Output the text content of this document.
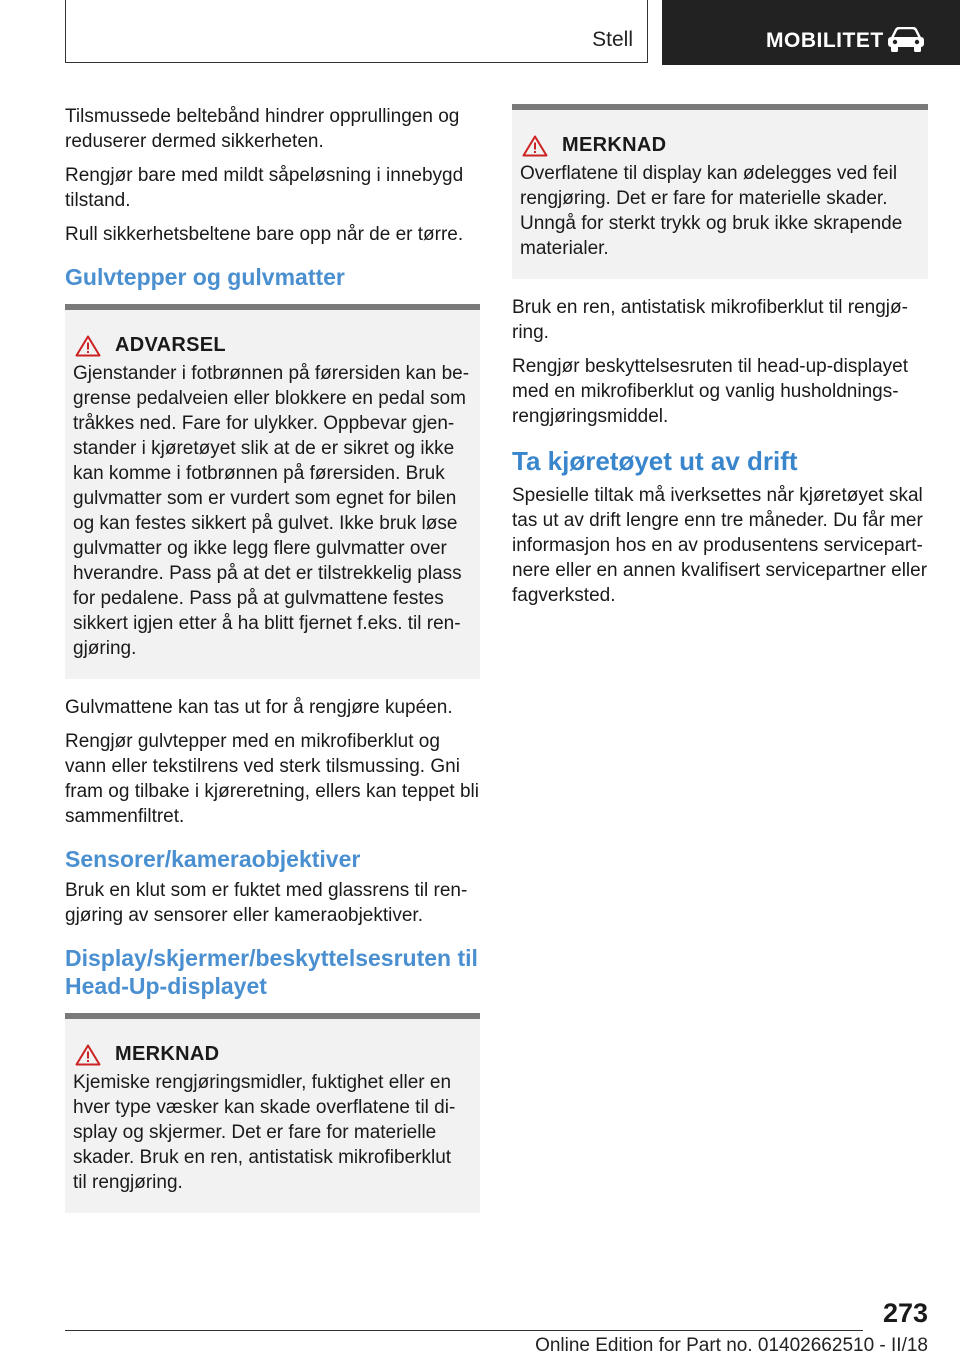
Stell	MOBILITET

Tilsmussede beltebånd hindrer opprullingen og reduserer dermed sikkerheten.

Rengjør bare med mildt såpeløsning i innebygd tilstand.

Rull sikkerhetsbeltene bare opp når de er tørre.

Gulvtepper og gulvmatter
ADVARSEL

Gjenstander i fotbrønnen på førersiden kan be-grense pedalveien eller blokkere en pedal som tråkkes ned. Fare for ulykker. Oppbevar gjen-stander i kjøretøyet slik at de er sikret og ikke kan komme i fotbrønnen på førersiden. Bruk gulvmatter som er vurdert som egnet for bilen og kan festes sikkert på gulvet. Ikke bruk løse gulvmatter og ikke legg flere gulvmatter over hverandre. Pass på at det er tilstrekkelig plass for pedalene. Pass på at gulvmattene festes sikkert igjen etter å ha blitt fjernet f.eks. til ren-gjøring.

Gulvmattene kan tas ut for å rengjøre kupéen.

Rengjør gulvtepper med en mikrofiberklut og vann eller tekstilrens ved sterk tilsmussing. Gni fram og tilbake i kjøreretning, ellers kan teppet bli sammenfiltret.

Sensorer/kameraobjektiver

Bruk en klut som er fuktet med glassrens til ren-gjøring av sensorer eller kameraobjektiver.

Display/skjermer/beskyttelsesruten til Head-Up-displayet
MERKNAD

Kjemiske rengjøringsmidler, fuktighet eller en hver type væsker kan skade overflatene til di-splay og skjermer. Det er fare for materielle skader. Bruk en ren, antistatisk mikrofiberklut til rengjøring.

MERKNAD

Overflatene til display kan ødelegges ved feil rengjøring. Det er fare for materielle skader. Unngå for sterkt trykk og bruk ikke skrapende materialer.

Bruk en ren, antistatisk mikrofiberklut til rengjø-ring.

Rengjør beskyttelsesruten til head-up-displayet med en mikrofiberklut og vanlig husholdnings-rengjøringsmiddel.

Ta kjøretøyet ut av drift

Spesielle tiltak må iverksettes når kjøretøyet skal tas ut av drift lengre enn tre måneder. Du får mer informasjon hos en av produsentens servicepart-nere eller en annen kvalifisert servicepartner eller fagverksted.

273
Online Edition for Part no. 01402662510 - II/18
